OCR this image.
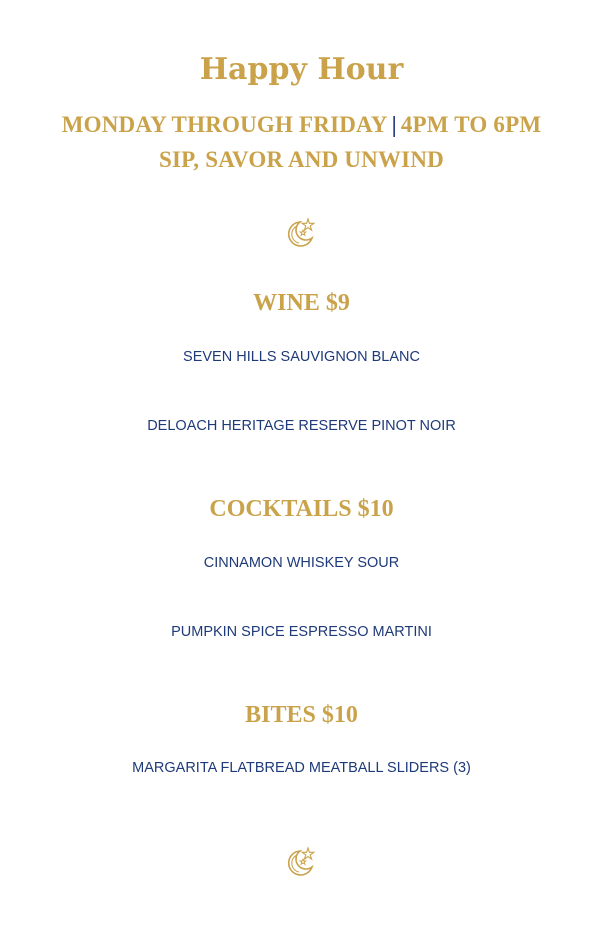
Happy Hour
MONDAY THROUGH FRIDAY | 4PM TO 6PM
SIP, SAVOR AND UNWIND
WINE $9
SEVEN HILLS SAUVIGNON BLANC
DELOACH HERITAGE RESERVE PINOT NOIR
COCKTAILS $10
CINNAMON WHISKEY SOUR
PUMPKIN SPICE ESPRESSO MARTINI
BITES $10
MARGARITA FLATBREAD MEATBALL SLIDERS (3)
